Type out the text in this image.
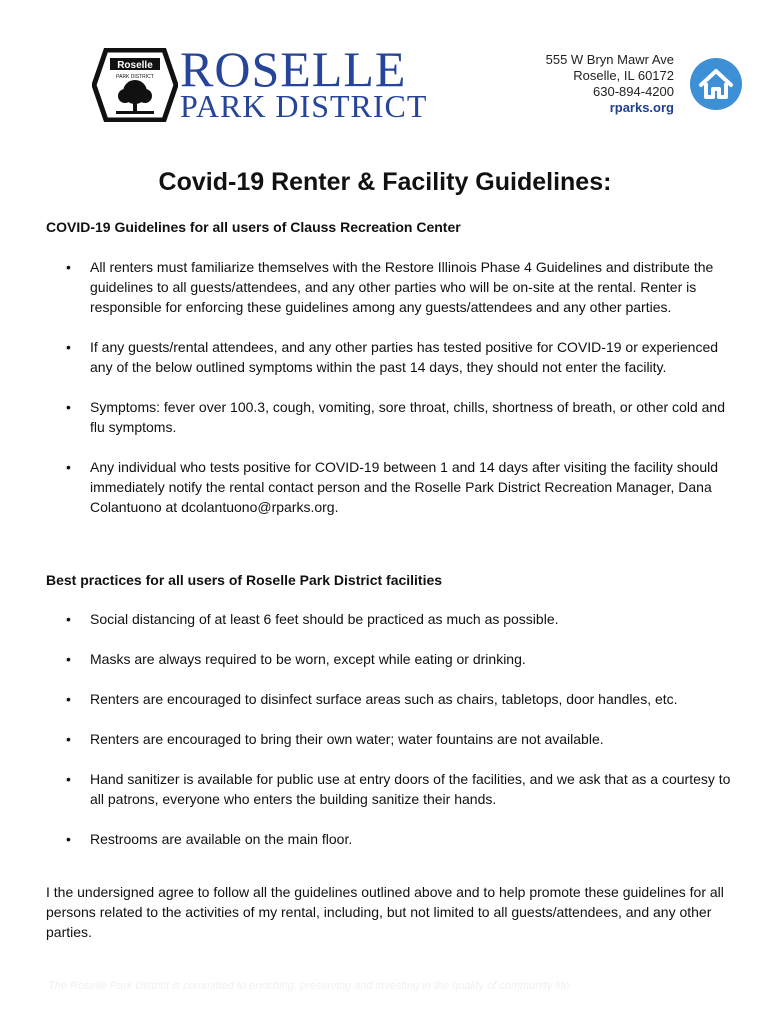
Roselle
PARK DISTRICT ROSELLE
PARK DISTRICT
555 W Bryn Mawr Ave
Roselle, IL 60172
630-894-4200
rparks.org
Covid-19 Renter & Facility Guidelines:
COVID-19 Guidelines for all users of Clauss Recreation Center
• All renters must familiarize themselves with the Restore Illinois Phase 4 Guidelines and distribute the guidelines to all guests/attendees, and any other parties who will be on-site at the rental. Renter is responsible for enforcing these guidelines among any guests/attendees and any other parties.
• If any guests/rental attendees, and any other parties has tested positive for COVID-19 or experienced any of the below outlined symptoms within the past 14 days, they should not enter the facility.
• Symptoms: fever over 100.3, cough, vomiting, sore throat, chills, shortness of breath, or other cold and flu symptoms.
• Any individual who tests positive for COVID-19 between 1 and 14 days after visiting the facility should immediately notify the rental contact person and the Roselle Park District Recreation Manager, Dana Colantuono at dcolantuono@rparks.org.
Best practices for all users of Roselle Park District facilities
• Social distancing of at least 6 feet should be practiced as much as possible.
• Masks are always required to be worn, except while eating or drinking.
• Renters are encouraged to disinfect surface areas such as chairs, tabletops, door handles, etc.
• Renters are encouraged to bring their own water; water fountains are not available.
• Hand sanitizer is available for public use at entry doors of the facilities, and we ask that as a courtesy to all patrons, everyone who enters the building sanitize their hands.
• Restrooms are available on the main floor.
I the undersigned agree to follow all the guidelines outlined above and to help promote these guidelines for all persons related to the activities of my rental, including, but not limited to all guests/attendees, and any other parties.
The Roselle Park District is committed to enriching, preserving and investing in the quality of community life.
